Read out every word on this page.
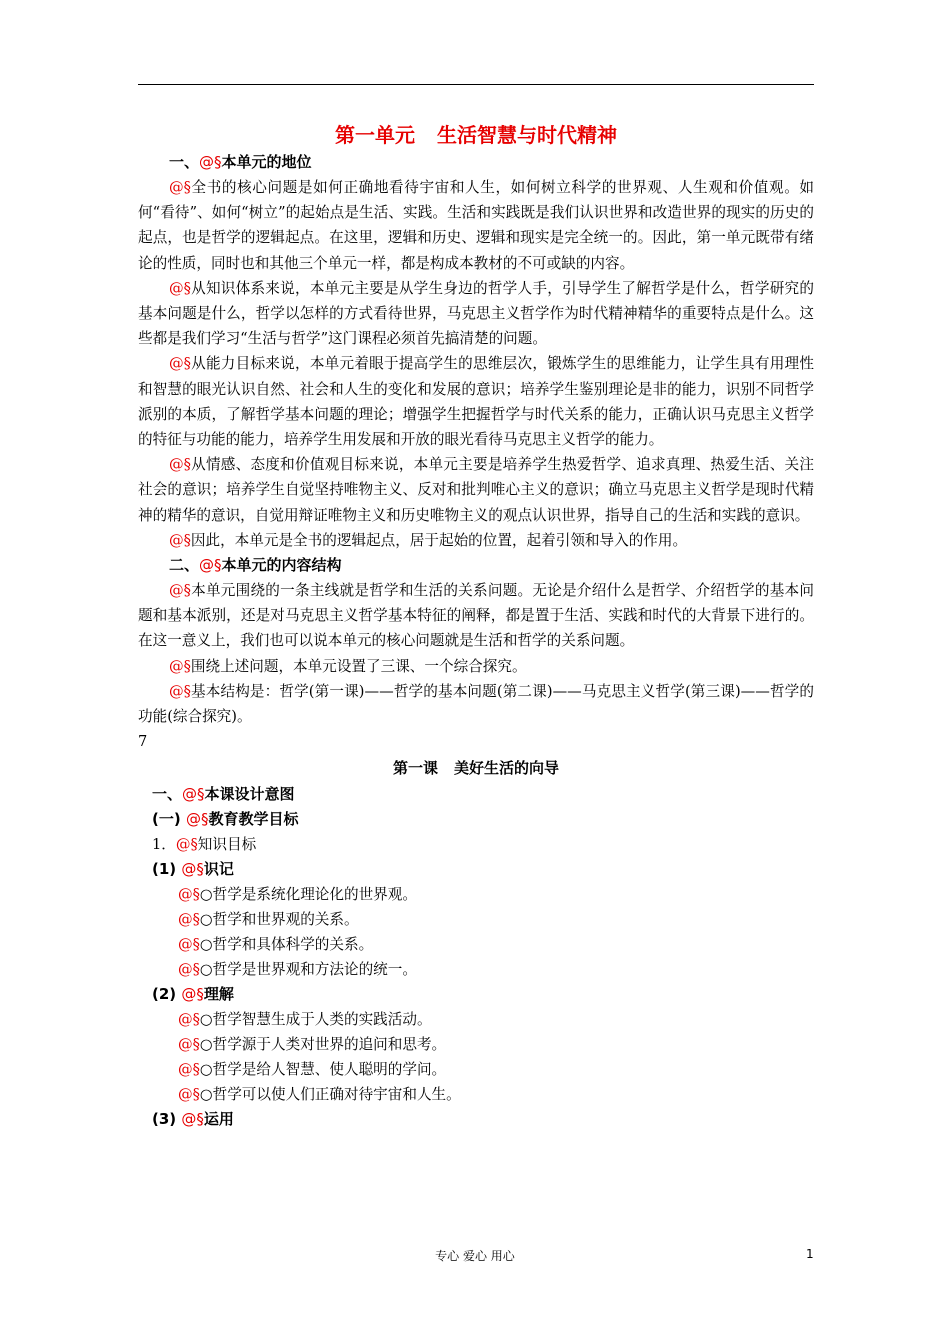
第一单元 生活智慧与时代精神

一、@§本单元的地位

@§全书的核心问题是如何正确地看待宇宙和人生，如何树立科学的世界观、人生观和价值观。如何“看待”、如何“树立”的起始点是生活、实践。生活和实践既是我们认识世界和改造世界的现实的历史的起点，也是哲学的逻辑起点。在这里，逻辑和历史、逻辑和现实是完全统一的。因此，第一单元既带有绪论的性质，同时也和其他三个单元一样，都是构成本教材的不可或缺的内容。

@§从知识体系来说，本单元主要是从学生身边的哲学人手，引导学生了解哲学是什么，哲学研究的基本问题是什么，哲学以怎样的方式看待世界，马克思主义哲学作为时代精神精华的重要特点是什么。这些都是我们学习“生活与哲学”这门课程必须首先搞清楚的问题。

@§从能力目标来说，本单元着眼于提高学生的思维层次，锻炼学生的思维能力，让学生具有用理性和智慧的眼光认识自然、社会和人生的变化和发展的意识；培养学生鉴别理论是非的能力，识别不同哲学派别的本质，了解哲学基本问题的理论；增强学生把握哲学与时代关系的能力，正确认识马克思主义哲学的特征与功能的能力，培养学生用发展和开放的眼光看待马克思主义哲学的能力。

@§从情感、态度和价值观目标来说，本单元主要是培养学生热爱哲学、追求真理、热爱生活、关注社会的意识；培养学生自觉坚持唯物主义、反对和批判唯心主义的意识；确立马克思主义哲学是现时代精神的精华的意识，自觉用辩证唯物主义和历史唯物主义的观点认识世界，指导自己的生活和实践的意识。

@§因此，本单元是全书的逻辑起点，居于起始的位置，起着引领和导入的作用。

二、@§本单元的内容结构

@§本单元围绕的一条主线就是哲学和生活的关系问题。无论是介绍什么是哲学、介绍哲学的基本问题和基本派别，还是对马克思主义哲学基本特征的阐释，都是置于生活、实践和时代的大背景下进行的。在这一意义上，我们也可以说本单元的核心问题就是生活和哲学的关系问题。

@§围绕上述问题，本单元设置了三课、一个综合探究。

@§基本结构是：哲学(第一课)——哲学的基本问题(第二课)——马克思主义哲学(第三课)——哲学的功能(综合探究)。

7

第一课 美好生活的向导

一、@§本课设计意图

(一) @§教育教学目标

1．@§知识目标

(1) @§识记

@§○哲学是系统化理论化的世界观。

@§○哲学和世界观的关系。

@§○哲学和具体科学的关系。

@§○哲学是世界观和方法论的统一。

(2) @§理解

@§○哲学智慧生成于人类的实践活动。

@§○哲学源于人类对世界的追问和思考。

@§○哲学是给人智慧、使人聪明的学问。

@§○哲学可以使人们正确对待宇宙和人生。

(3) @§运用

专心 爱心 用心	1
